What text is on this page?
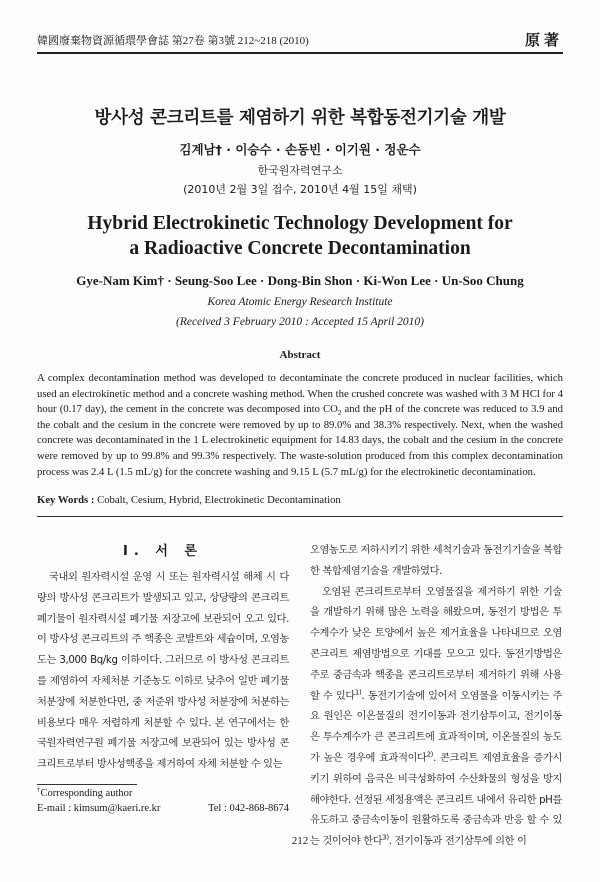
韓國廢棄物資源循環學會誌 第27卷 第3號 212~218 (2010)	原著
방사성 콘크리트를 제염하기 위한 복합동전기기술 개발
김계남† · 이승수 · 손동빈 · 이기원 · 정운수
한국원자력연구소
(2010년 2월 3일 접수, 2010년 4월 15일 채택)
Hybrid Electrokinetic Technology Development for
a Radioactive Concrete Decontamination
Gye-Nam Kim† · Seung-Soo Lee · Dong-Bin Shon · Ki-Won Lee · Un-Soo Chung
Korea Atomic Energy Research Institute
(Received 3 February 2010 : Accepted 15 April 2010)
Abstract

A complex decontamination method was developed to decontaminate the concrete produced in nuclear facilities, which used an electrokinetic method and a concrete washing method. When the crushed concrete was washed with 3 M HCl for 4 hour (0.17 day), the cement in the concrete was decomposed into $CO_2$ and the pH of the concrete was reduced to 3.9 and the cobalt and the cesium in the concrete were removed by up to 89.0% and 38.3% respectively. Next, when the washed concrete was decontaminated in the 1 L electrokinetic equipment for 14.83 days, the cobalt and the cesium in the concrete were removed by up to 99.8% and 99.3% respectively. The waste-solution produced from this complex decontamination process was 2.4 L (1.5 mL/g) for the concrete washing and 9.15 L (5.7 mL/g) for the electrokinetic decontamination.

Key Words : Cobalt, Cesium, Hybrid, Electrokinetic Decontamination
I. 서 론

국내외 원자력시설 운영 시 또는 원자력시설 해체 시 다량의 방사성 콘크리트가 발생되고 있고, 상당량의 콘크리트 폐기물이 원자력시설 폐기물 저장고에 보관되어 오고 있다. 이 방사성 콘크리트의 주 핵종은 코발트와 세슘이며, 오염농도는 3,000 Bq/kg 이하이다. 그러므로 이 방사성 콘크리트를 제염하여 자체처분 기준농도 이하로 낮추어 일반 폐기물 처분장에 처분한다면, 중 저준위 방사성 처분장에 처분하는 비용보다 매우 저렴하게 처분할 수 있다. 본 연구에서는 한국원자력연구원 폐기물 저장고에 보관되어 있는 방사성 콘크리트로부터 방사성핵종을 제거하여 자체 처분할 수 있는

오염농도로 저하시키기 위한 세척기술과 동전기기술을 복합한 복합제염기술을 개발하였다.

오염된 콘크리트로부터 오염물질을 제거하기 위한 기술을 개발하기 위해 많은 노력을 해왔으며, 동전기 방법은 투수계수가 낮은 토양에서 높은 제거효율을 나타내므로 오염 콘크리트 제염방법으로 기대를 모으고 있다. 동전기방법은 주로 중금속과 핵종을 콘크리트로부터 제거하기 위해 사용할 수 있다$^{1)}$. 동전기기술에 있어서 오염물을 이동시키는 주요 원인은 이온물질의 전기이동과 전기삼투이고, 전기이동은 투수계수가 큰 콘크리트에 효과적이며, 이온물질의 농도가 높은 경우에 효과적이다$^{2)}$. 콘크리트 제염효율을 증가시키기 위하여 음극은 비극성화하여 수산화물의 형성을 방지해야한다. 선정된 세정용액은 콘크리트 내에서 유리한 pH를 유도하고 중금속이동이 원활하도록 중금속과 반응 할 수 있는 것이어야 한다$^{3)}$. 전기이동과 전기삼투에 의한 이

†Corresponding author
E-mail : kimsum@kaeri.re.kr	Tel : 042-868-8674
212
